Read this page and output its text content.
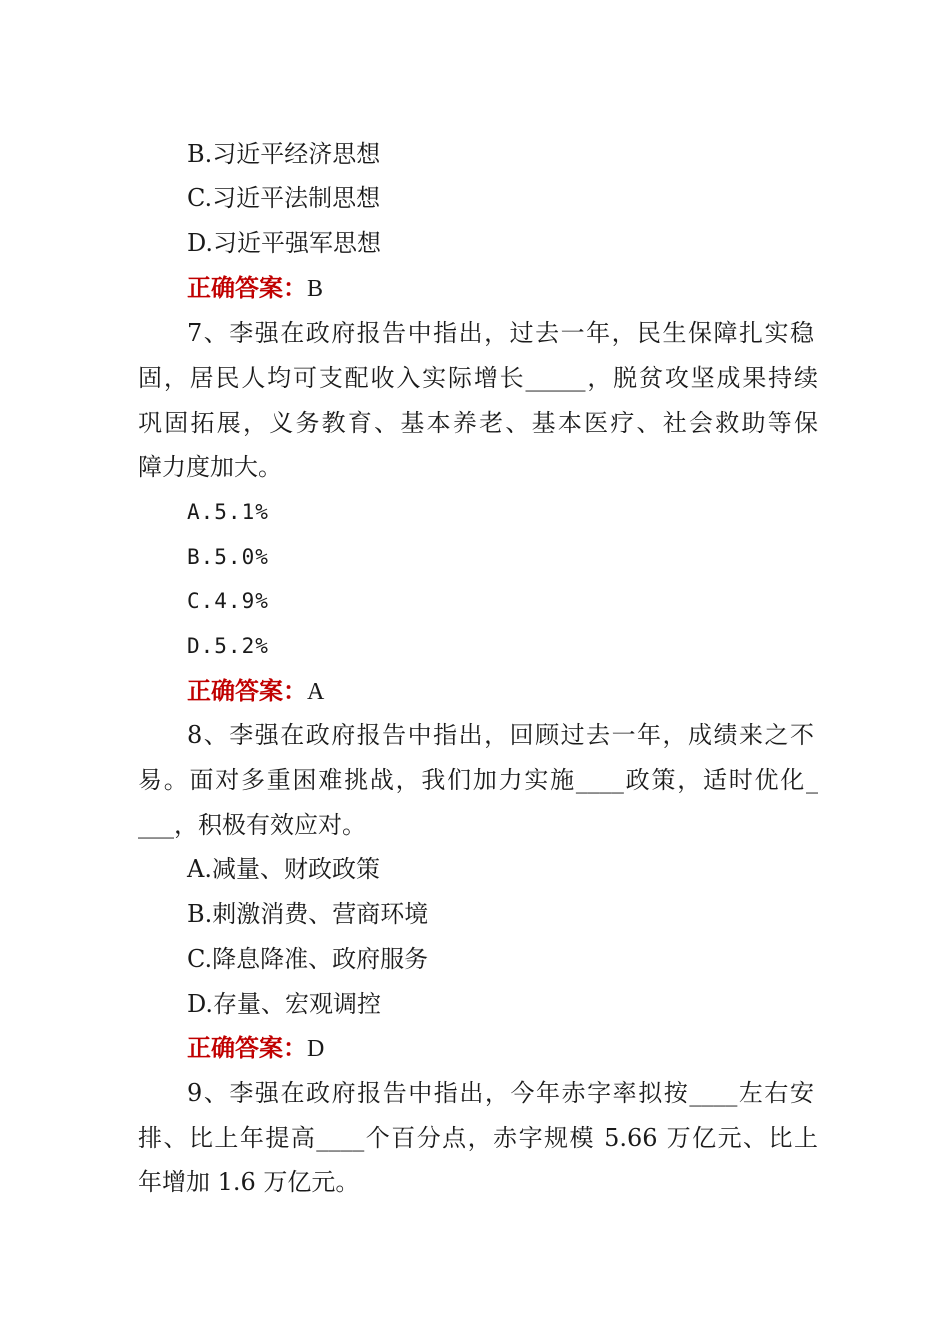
B.习近平经济思想
C.习近平法制思想
D.习近平强军思想
正确答案：B
7、李强在政府报告中指出，过去一年，民生保障扎实稳
固，居民人均可支配收入实际增长_____，脱贫攻坚成果持续
巩固拓展，义务教育、基本养老、基本医疗、社会救助等保
障力度加大。
A.5.1%
B.5.0%
C.4.9%
D.5.2%
正确答案：A
8、李强在政府报告中指出，回顾过去一年，成绩来之不
易。面对多重困难挑战，我们加力实施____政策，适时优化_
___，积极有效应对。
A.减量、财政政策
B.刺激消费、营商环境
C.降息降准、政府服务
D.存量、宏观调控
正确答案：D
9、李强在政府报告中指出，今年赤字率拟按____左右安
排、比上年提高____个百分点，赤字规模 5.66 万亿元、比上
年增加 1.6 万亿元。
